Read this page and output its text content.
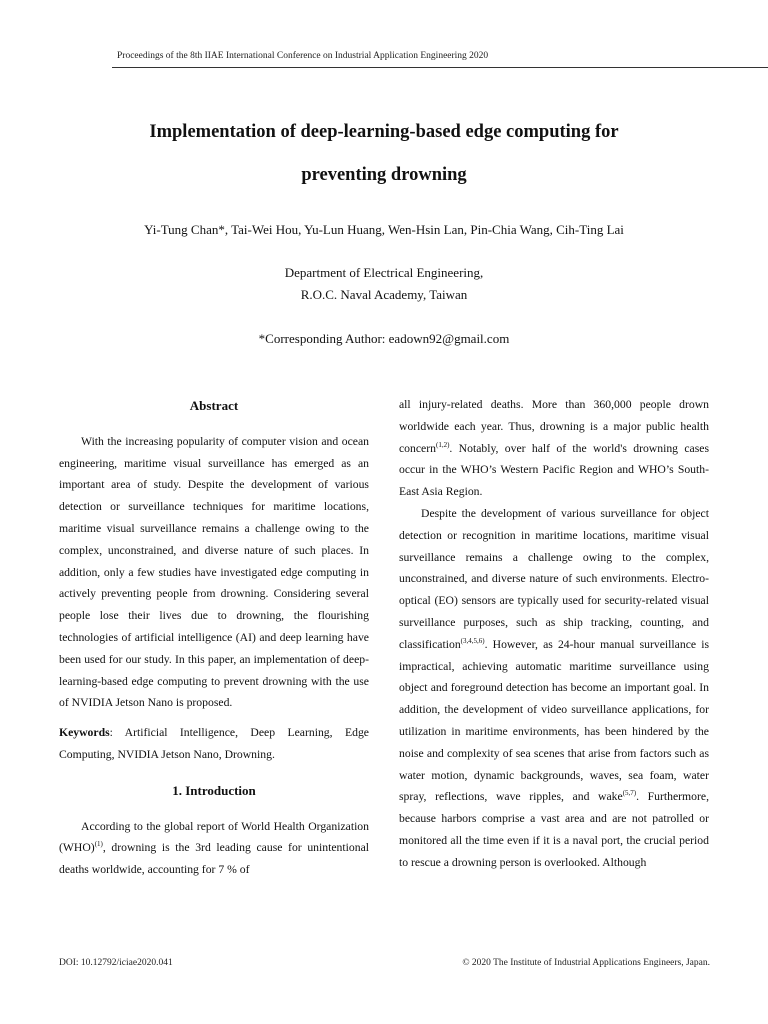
Proceedings of the 8th IIAE International Conference on Industrial Application Engineering 2020
Implementation of deep-learning-based edge computing for
preventing drowning
Yi-Tung Chan*, Tai-Wei Hou, Yu-Lun Huang, Wen-Hsin Lan, Pin-Chia Wang, Cih-Ting Lai
Department of Electrical Engineering,
R.O.C. Naval Academy, Taiwan
*Corresponding Author: eadown92@gmail.com

Abstract

With the increasing popularity of computer vision and ocean engineering, maritime visual surveillance has emerged as an important area of study. Despite the development of various detection or surveillance techniques for maritime locations, maritime visual surveillance remains a challenge owing to the complex, unconstrained, and diverse nature of such places. In addition, only a few studies have investigated edge computing in actively preventing people from drowning. Considering several people lose their lives due to drowning, the flourishing technologies of artificial intelligence (AI) and deep learning have been used for our study. In this paper, an implementation of deep-learning-based edge computing to prevent drowning with the use of NVIDIA Jetson Nano is proposed.

Keywords: Artificial Intelligence, Deep Learning, Edge Computing, NVIDIA Jetson Nano, Drowning.

1. Introduction

According to the global report of World Health Organization (WHO)$^{(1)}$, drowning is the 3rd leading cause for unintentional deaths worldwide, accounting for 7 % of

all injury-related deaths. More than 360,000 people drown worldwide each year. Thus, drowning is a major public health concern$^{(1,2)}$. Notably, over half of the world's drowning cases occur in the WHO’s Western Pacific Region and WHO’s South-East Asia Region.

Despite the development of various surveillance for object detection or recognition in maritime locations, maritime visual surveillance remains a challenge owing to the complex, unconstrained, and diverse nature of such environments. Electro-optical (EO) sensors are typically used for security-related visual surveillance purposes, such as ship tracking, counting, and classification$^{(3,4,5,6)}$. However, as 24-hour manual surveillance is impractical, achieving automatic maritime surveillance using object and foreground detection has become an important goal. In addition, the development of video surveillance applications, for utilization in maritime environments, has been hindered by the noise and complexity of sea scenes that arise from factors such as water motion, dynamic backgrounds, waves, sea foam, water spray, reflections, wave ripples, and wake$^{(5,7)}$. Furthermore, because harbors comprise a vast area and are not patrolled or monitored all the time even if it is a naval port, the crucial period to rescue a drowning person is overlooked. Although

DOI: 10.12792/iciae2020.041	© 2020 The Institute of Industrial Applications Engineers, Japan.
